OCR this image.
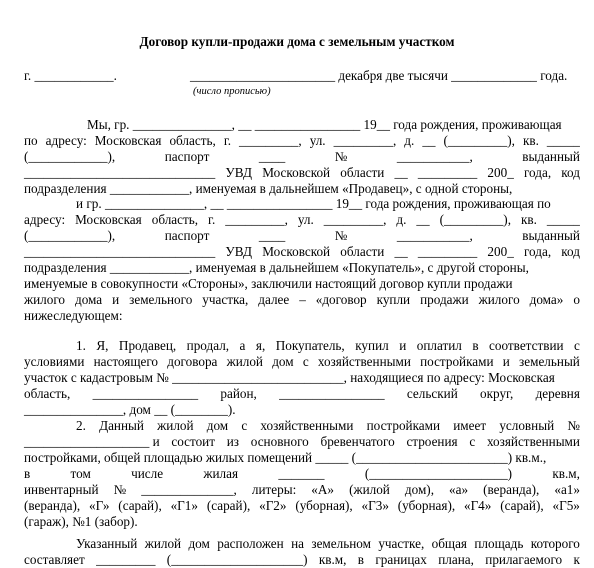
Договор купли-продажи дома с земельным участком
г. ____________.	______________________ декабря две тысячи _____________ года.
(число прописью)
Мы, гр. _______________, __ ________________ 19__ года рождения, проживающая
по адресу: Московская область, г. _________, ул. _________, д. __ (_________), кв. _____
(____________),	паспорт	____	№	___________,	выданный
_____________________________ УВД Московской области __ _________ 200_ года, код
подразделения ____________, именуемая в дальнейшем «Продавец», с одной стороны,
и гр. _______________, __ ________________ 19__ года рождения, проживающая по
адресу: Московская область, г. _________, ул. _________, д. __ (_________), кв. _____
(____________),	паспорт	____	№	___________,	выданный
_____________________________ УВД Московской области __ _________ 200_ года, код
подразделения ____________, именуемая в дальнейшем «Покупатель», с другой стороны,
именуемые в совокупности «Стороны», заключили настоящий договор купли продажи
жилого дома и земельного участка, далее – «договор купли продажи жилого дома» о
нижеследующем:
1. Я, Продавец, продал, а я, Покупатель, купил и оплатил в соответствии с
условиями настоящего договора жилой дом с хозяйственными постройками и земельный
участок с кадастровым № __________________________, находящиеся по адресу: Московская
область, ________________ район, ________________ сельский округ, деревня
_______________, дом __ (________).
2. Данный жилой дом с хозяйственными постройками имеет условный №
___________________ и состоит из основного бревенчатого строения с хозяйственными
постройками, общей площадью жилых помещений _____ (_______________________) кв.м.,
в	том	числе	жилая	_______	(_____________________)	кв.м,
инвентарный № ______________, литеры: «А» (жилой дом), «а» (веранда), «а1»
(веранда), «Г» (сарай), «Г1» (сарай), «Г2» (уборная), «Г3» (уборная), «Г4» (сарай), «Г5»
(гараж), №1 (забор).
Указанный жилой дом расположен на земельном участке, общая площадь которого
составляет _________ (____________________) кв.м, в границах плана, прилагаемого к
